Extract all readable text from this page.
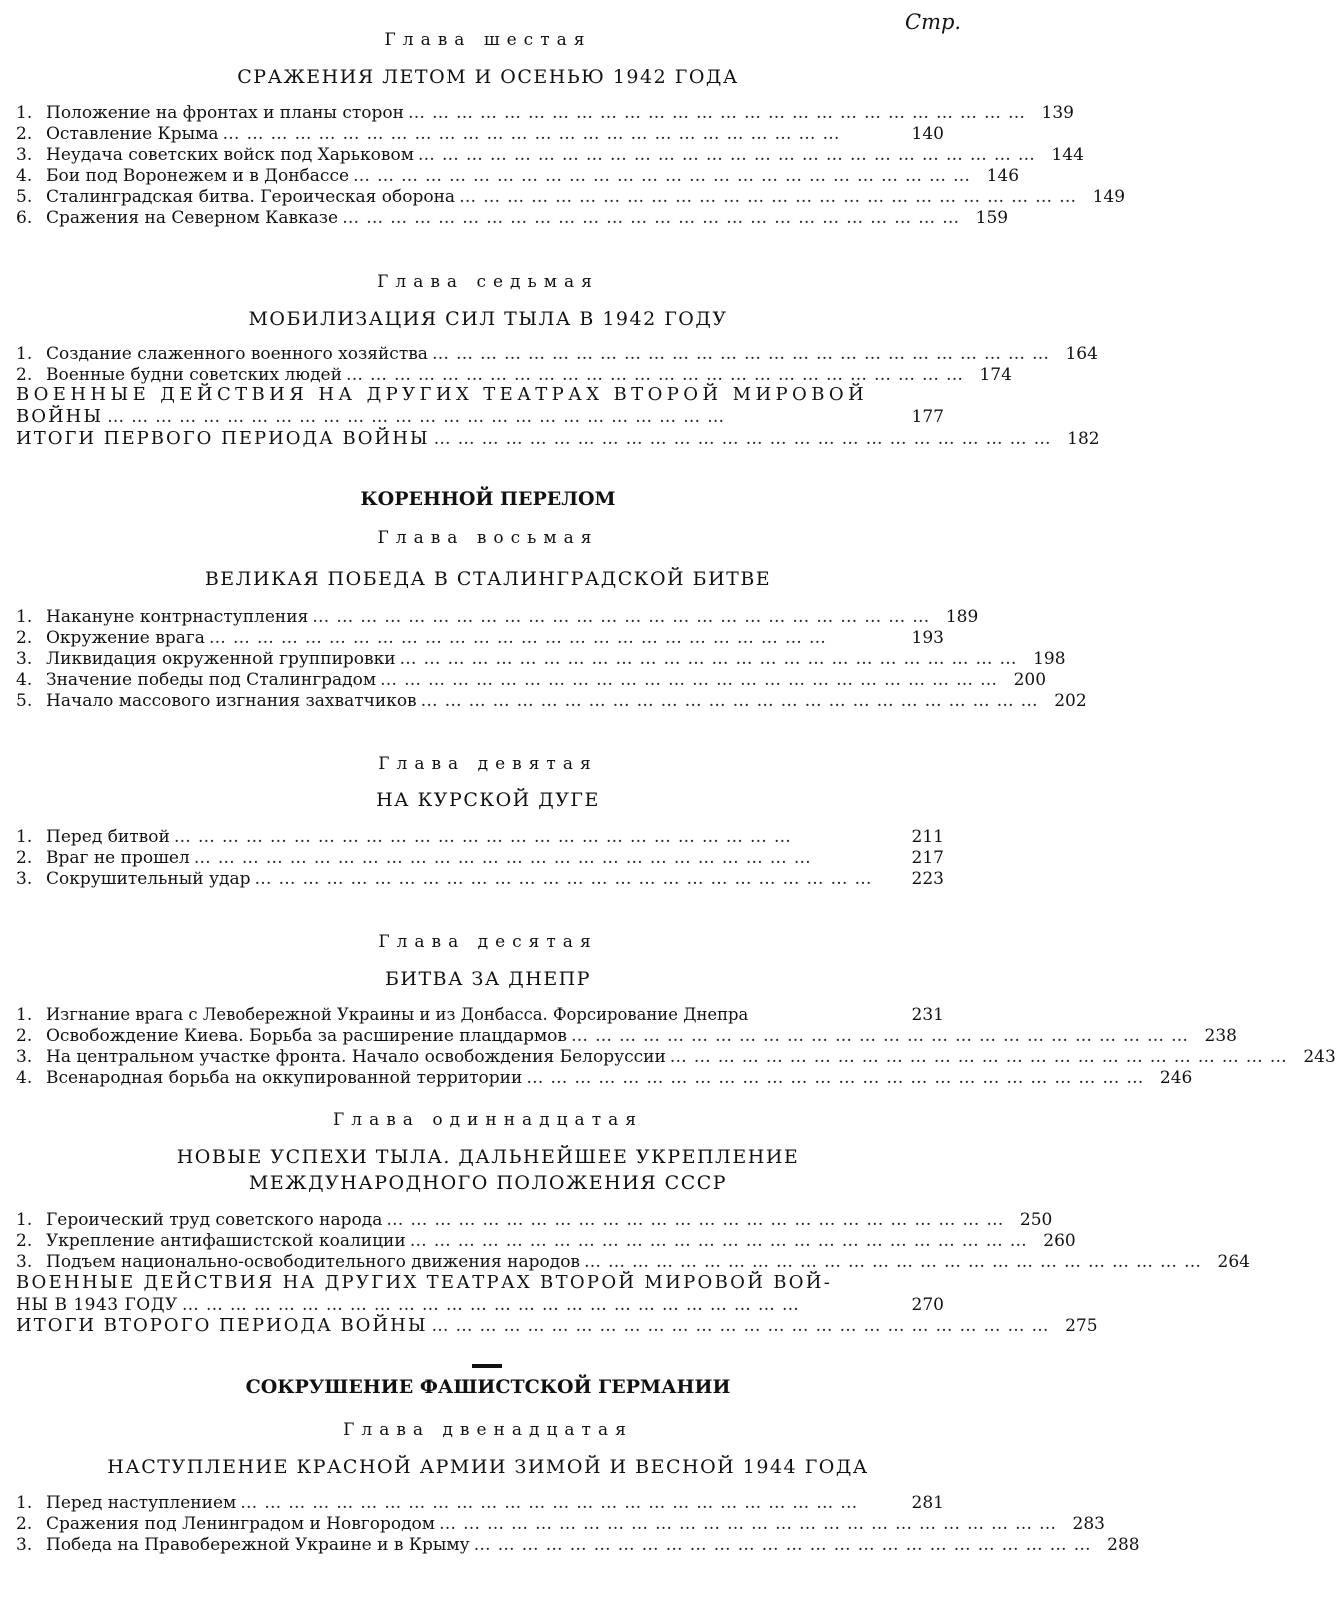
Стр.
Глава шестая
СРАЖЕНИЯ ЛЕТОМ И ОСЕНЬЮ 1942 ГОДА
1. Положение на фронтах и планы сторон …………………………………………………………………… 139
2. Оставление Крыма ……………………………………………………………………	140
3. Неудача советских войск под Харьковом …………………………………………………………………… 144
4. Бои под Воронежем и в Донбассе …………………………………………………………………… 146
5. Сталинградская битва. Героическая оборона …………………………………………………………………… 149
6. Сражения на Северном Кавказе …………………………………………………………………… 159
Глава седьмая
МОБИЛИЗАЦИЯ СИЛ ТЫЛА В 1942 ГОДУ
1. Создание слаженного военного хозяйства …………………………………………………………………… 164
2. Военные будни советских людей …………………………………………………………………… 174
ВОЕННЫЕ ДЕЙСТВИЯ НА ДРУГИХ ТЕАТРАХ ВТОРОЙ МИРОВОЙ
ВОЙНЫ ……………………………………………………………………	177
ИТОГИ ПЕРВОГО ПЕРИОДА ВОЙНЫ …………………………………………………………………… 182
КОРЕННОЙ ПЕРЕЛОМ
Глава восьмая
ВЕЛИКАЯ ПОБЕДА В СТАЛИНГРАДСКОЙ БИТВЕ
1. Накануне контрнаступления …………………………………………………………………… 189
2. Окружение врага ……………………………………………………………………	193
3. Ликвидация окруженной группировки …………………………………………………………………… 198
4. Значение победы под Сталинградом …………………………………………………………………… 200
5. Начало массового изгнания захватчиков …………………………………………………………………… 202
Глава девятая
НА КУРСКОЙ ДУГЕ
1. Перед битвой ……………………………………………………………………	211
2. Враг не прошел ……………………………………………………………………	217
3. Сокрушительный удар ……………………………………………………………………	223
Глава десятая
БИТВА ЗА ДНЕПР
1. Изгнание врага с Левобережной Украины и из Донбасса. Форсирование Днепра	231
2. Освобождение Киева. Борьба за расширение плацдармов …………………………………………………………………… 238
3. На центральном участке фронта. Начало освобождения Белоруссии …………………………………………………………………… 243
4. Всенародная борьба на оккупированной территории …………………………………………………………………… 246
Глава одиннадцатая
НОВЫЕ УСПЕХИ ТЫЛА. ДАЛЬНЕЙШЕЕ УКРЕПЛЕНИЕ
МЕЖДУНАРОДНОГО ПОЛОЖЕНИЯ СССР
1. Героический труд советского народа …………………………………………………………………… 250
2. Укрепление антифашистской коалиции …………………………………………………………………… 260
3. Подъем национально-освободительного движения народов …………………………………………………………………… 264
ВОЕННЫЕ ДЕЙСТВИЯ НА ДРУГИХ ТЕАТРАХ ВТОРОЙ МИРОВОЙ ВОЙ-
НЫ В 1943 ГОДУ ……………………………………………………………………	270
ИТОГИ ВТОРОГО ПЕРИОДА ВОЙНЫ …………………………………………………………………… 275
СОКРУШЕНИЕ ФАШИСТСКОЙ ГЕРМАНИИ
Глава двенадцатая
НАСТУПЛЕНИЕ КРАСНОЙ АРМИИ ЗИМОЙ И ВЕСНОЙ 1944 ГОДА
1. Перед наступлением ……………………………………………………………………	281
2. Сражения под Ленинградом и Новгородом …………………………………………………………………… 283
3. Победа на Правобережной Украине и в Крыму …………………………………………………………………… 288
